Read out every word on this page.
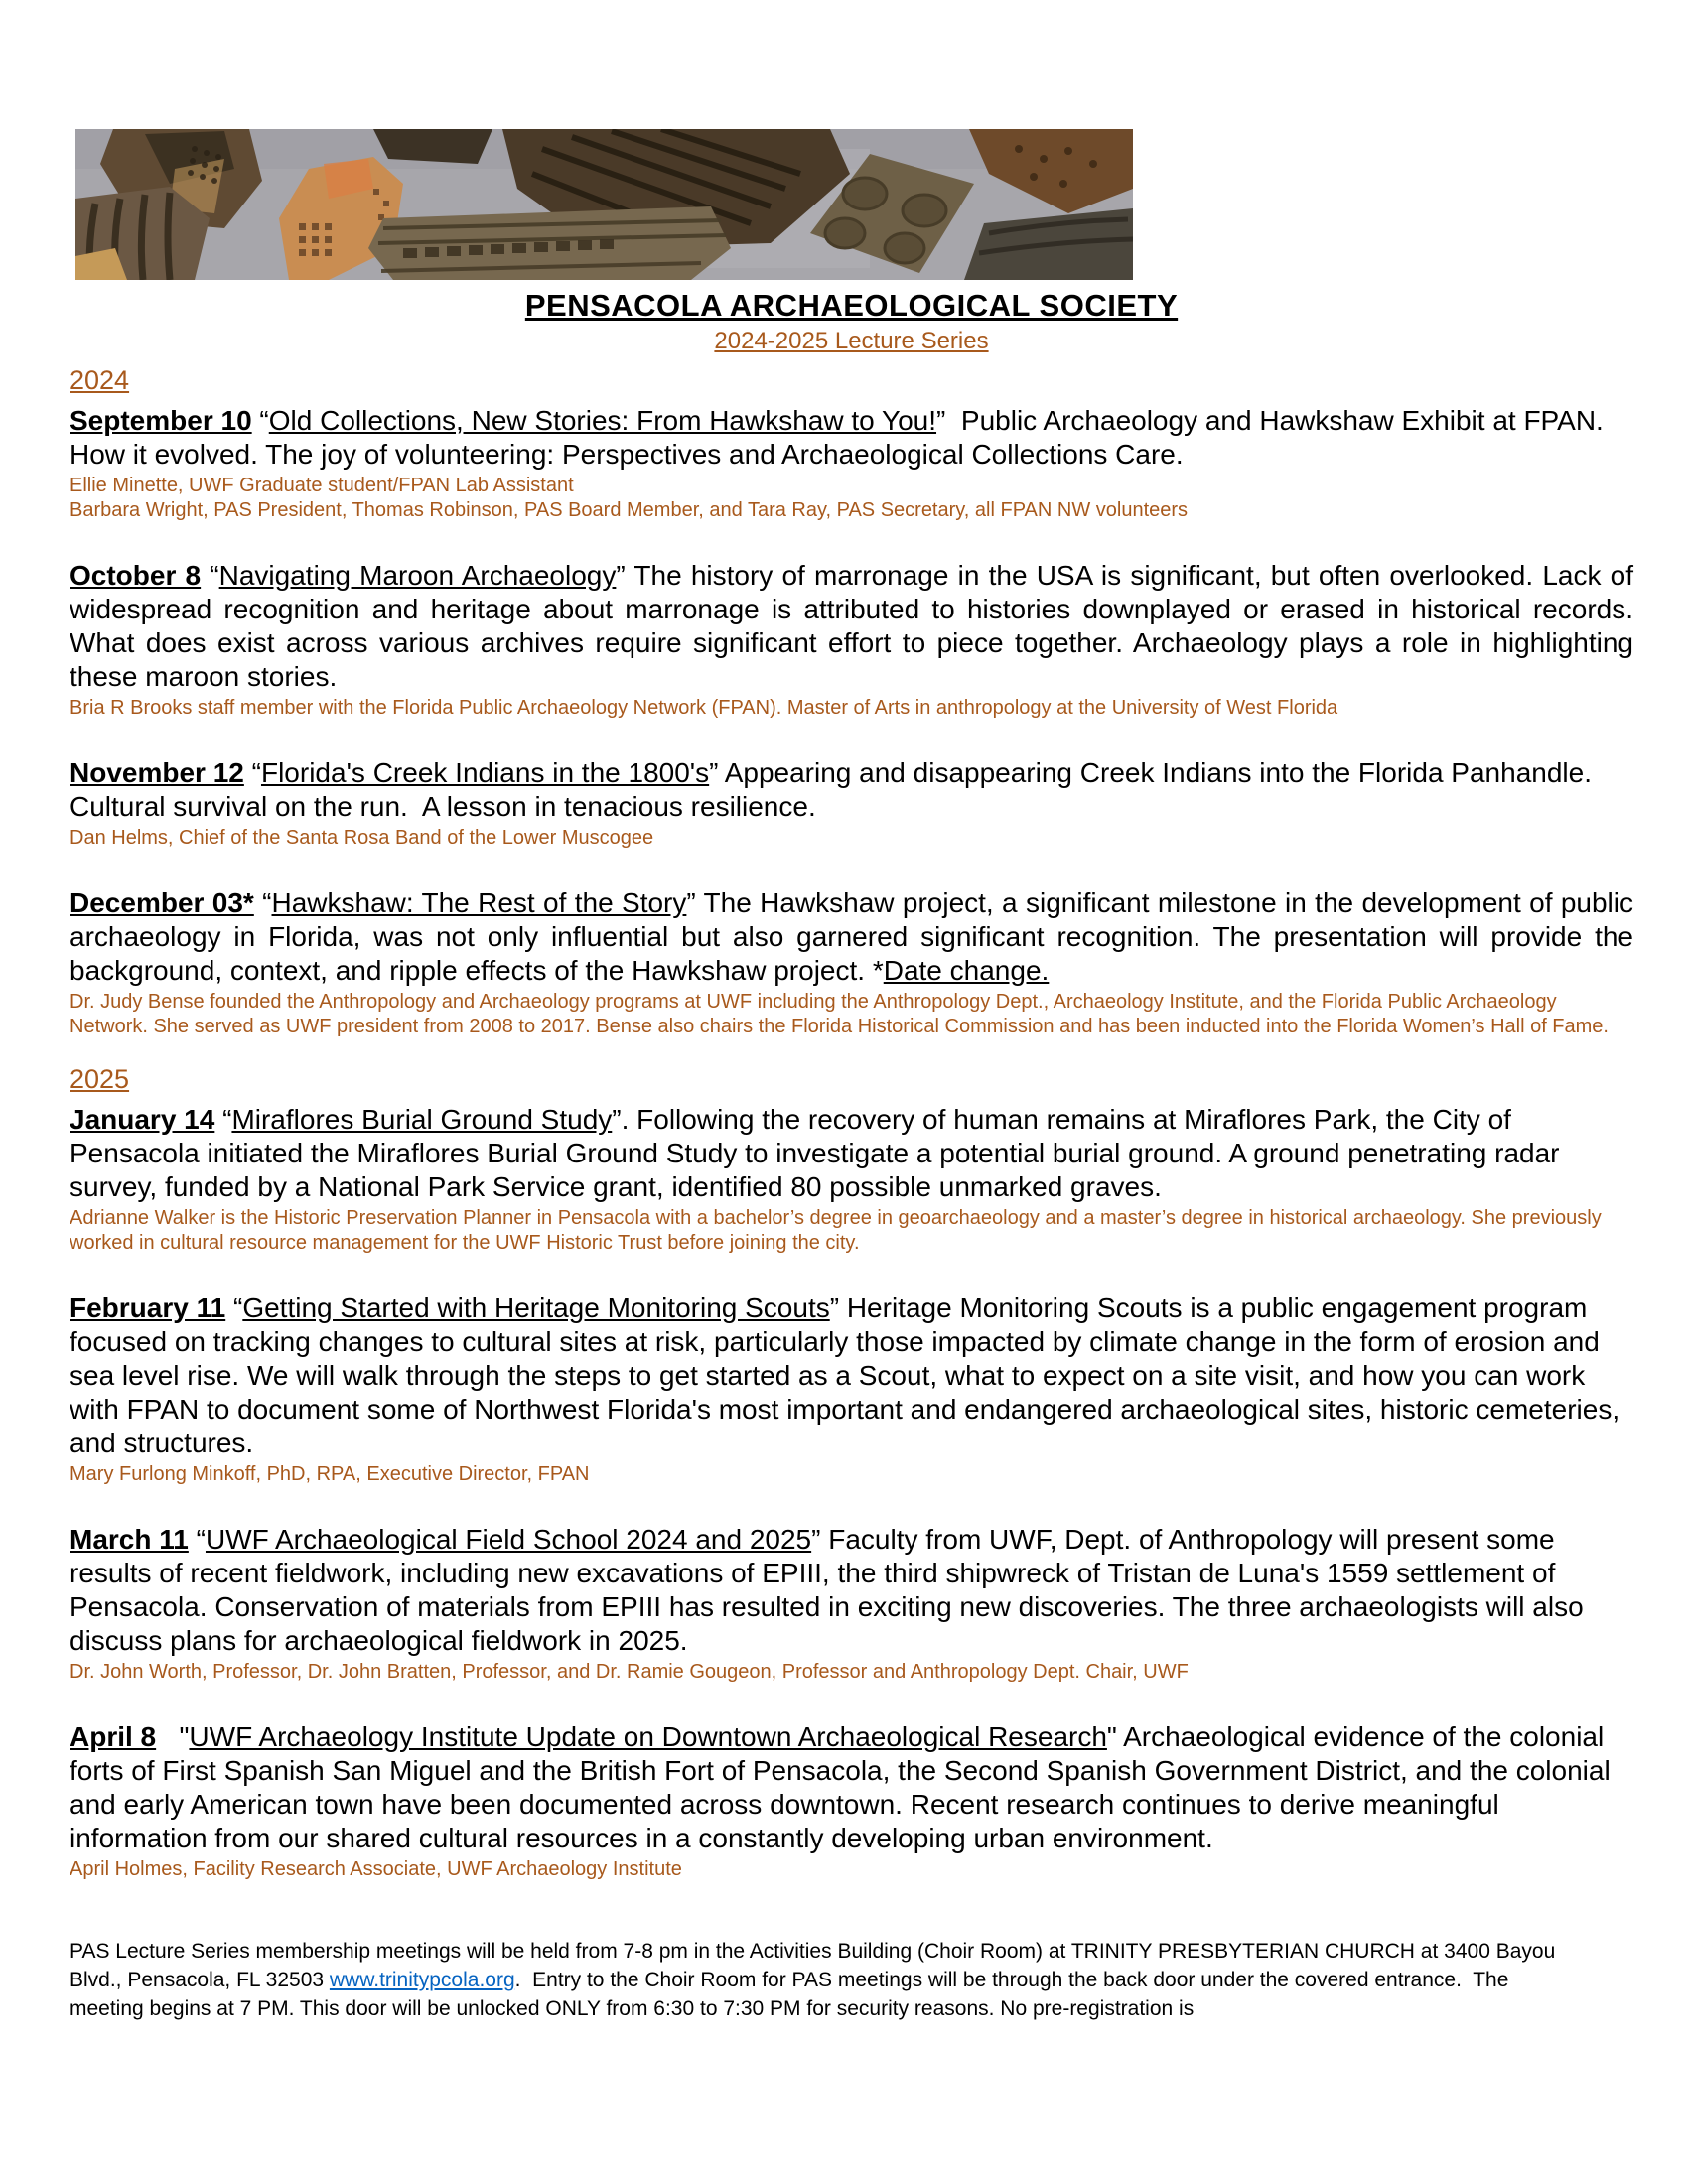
PENSACOLA ARCHAEOLOGICAL SOCIETY
2024-2025 Lecture Series
2024

September 10 “Old Collections, New Stories: From Hawkshaw to You!”  Public Archaeology and Hawkshaw Exhibit at FPAN. How it evolved. The joy of volunteering: Perspectives and Archaeological Collections Care.

Ellie Minette, UWF Graduate student/FPAN Lab Assistant
Barbara Wright, PAS President, Thomas Robinson, PAS Board Member, and Tara Ray, PAS Secretary, all FPAN NW volunteers

October 8 “Navigating Maroon Archaeology” The history of marronage in the USA is significant, but often overlooked. Lack of widespread recognition and heritage about marronage is attributed to histories downplayed or erased in historical records. What does exist across various archives require significant effort to piece together. Archaeology plays a role in highlighting these maroon stories.

Bria R Brooks staff member with the Florida Public Archaeology Network (FPAN). Master of Arts in anthropology at the University of West Florida

November 12 “Florida's Creek Indians in the 1800's” Appearing and disappearing Creek Indians into the Florida Panhandle. Cultural survival on the run.  A lesson in tenacious resilience.

Dan Helms, Chief of the Santa Rosa Band of the Lower Muscogee

December 03* “Hawkshaw: The Rest of the Story” The Hawkshaw project, a significant milestone in the development of public archaeology in Florida, was not only influential but also garnered significant recognition. The presentation will provide the background, context, and ripple effects of the Hawkshaw project. *Date change.

Dr. Judy Bense founded the Anthropology and Archaeology programs at UWF including the Anthropology Dept., Archaeology Institute, and the Florida Public Archaeology Network. She served as UWF president from 2008 to 2017. Bense also chairs the Florida Historical Commission and has been inducted into the Florida Women’s Hall of Fame.
2025

January 14 “Miraflores Burial Ground Study”. Following the recovery of human remains at Miraflores Park, the City of Pensacola initiated the Miraflores Burial Ground Study to investigate a potential burial ground. A ground penetrating radar survey, funded by a National Park Service grant, identified 80 possible unmarked graves.

Adrianne Walker is the Historic Preservation Planner in Pensacola with a bachelor’s degree in geoarchaeology and a master’s degree in historical archaeology. She previously worked in cultural resource management for the UWF Historic Trust before joining the city.

February 11 “Getting Started with Heritage Monitoring Scouts” Heritage Monitoring Scouts is a public engagement program focused on tracking changes to cultural sites at risk, particularly those impacted by climate change in the form of erosion and sea level rise. We will walk through the steps to get started as a Scout, what to expect on a site visit, and how you can work with FPAN to document some of Northwest Florida's most important and endangered archaeological sites, historic cemeteries, and structures.

Mary Furlong Minkoff, PhD, RPA, Executive Director, FPAN

March 11 “UWF Archaeological Field School 2024 and 2025” Faculty from UWF, Dept. of Anthropology will present some results of recent fieldwork, including new excavations of EPIII, the third shipwreck of Tristan de Luna's 1559 settlement of Pensacola. Conservation of materials from EPIII has resulted in exciting new discoveries. The three archaeologists will also discuss plans for archaeological fieldwork in 2025.

Dr. John Worth, Professor, Dr. John Bratten, Professor, and Dr. Ramie Gougeon, Professor and Anthropology Dept. Chair, UWF

April 8   "UWF Archaeology Institute Update on Downtown Archaeological Research" Archaeological evidence of the colonial forts of First Spanish San Miguel and the British Fort of Pensacola, the Second Spanish Government District, and the colonial and early American town have been documented across downtown. Recent research continues to derive meaningful information from our shared cultural resources in a constantly developing urban environment.

April Holmes, Facility Research Associate, UWF Archaeology Institute

PAS Lecture Series membership meetings will be held from 7-8 pm in the Activities Building (Choir Room) at TRINITY PRESBYTERIAN CHURCH at 3400 Bayou Blvd., Pensacola, FL 32503 www.trinitypcola.org.  Entry to the Choir Room for PAS meetings will be through the back door under the covered entrance.  The meeting begins at 7 PM. This door will be unlocked ONLY from 6:30 to 7:30 PM for security reasons. No pre-registration is
